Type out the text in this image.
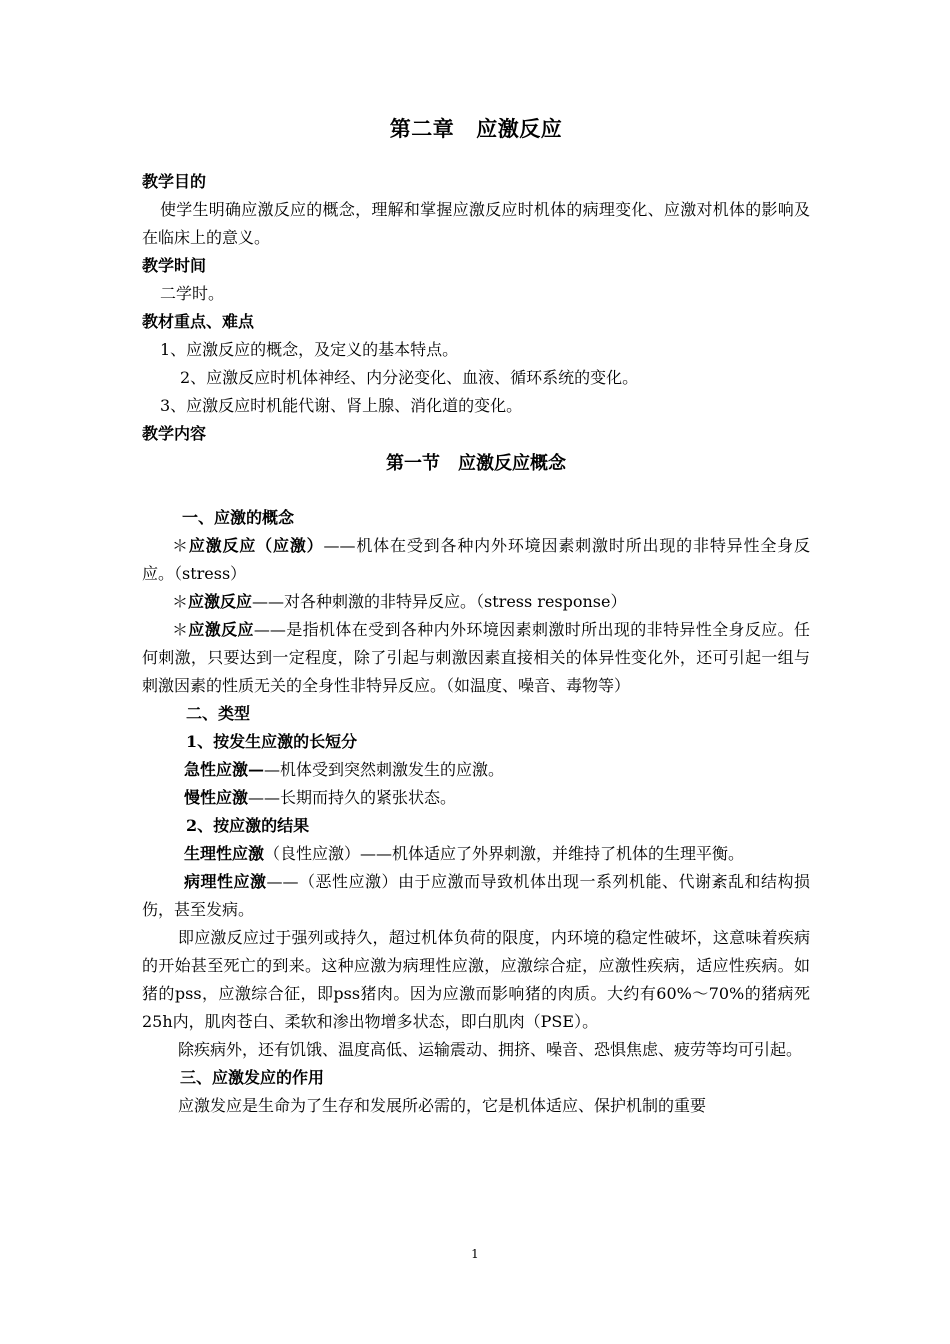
第二章 应激反应
教学目的

使学生明确应激反应的概念，理解和掌握应激反应时机体的病理变化、应激对机体的影响及在临床上的意义。

教学时间

二学时。

教材重点、难点

1、应激反应的概念，及定义的基本特点。

2、应激反应时机体神经、内分泌变化、血液、循环系统的变化。

3、应激反应时机能代谢、肾上腺、消化道的变化。

教学内容
第一节 应激反应概念
一、应激的概念

＊应激反应（应激）——机体在受到各种内外环境因素刺激时所出现的非特异性全身反应。（stress）

＊应激反应——对各种刺激的非特异反应。（stress response）

＊应激反应——是指机体在受到各种内外环境因素刺激时所出现的非特异性全身反应。任何刺激，只要达到一定程度，除了引起与刺激因素直接相关的体异性变化外，还可引起一组与刺激因素的性质无关的全身性非特异反应。（如温度、噪音、毒物等）

二、类型
1、按发生应激的长短分

急性应激——机体受到突然刺激发生的应激。

慢性应激——长期而持久的紧张状态。

2、按应激的结果

生理性应激（良性应激）——机体适应了外界刺激，并维持了机体的生理平衡。

病理性应激——（恶性应激）由于应激而导致机体出现一系列机能、代谢紊乱和结构损伤，甚至发病。

即应激反应过于强列或持久，超过机体负荷的限度，内环境的稳定性破坏，这意味着疾病的开始甚至死亡的到来。这种应激为病理性应激，应激综合症，应激性疾病，适应性疾病。如猪的pss，应激综合征，即pss猪肉。因为应激而影响猪的肉质。大约有60%～70%的猪病死25h内，肌肉苍白、柔软和渗出物增多状态，即白肌肉（PSE）。

除疾病外，还有饥饿、温度高低、运输震动、拥挤、噪音、恐惧焦虑、疲劳等均可引起。

三、应激发应的作用

应激发应是生命为了生存和发展所必需的，它是机体适应、保护机制的重要

1
